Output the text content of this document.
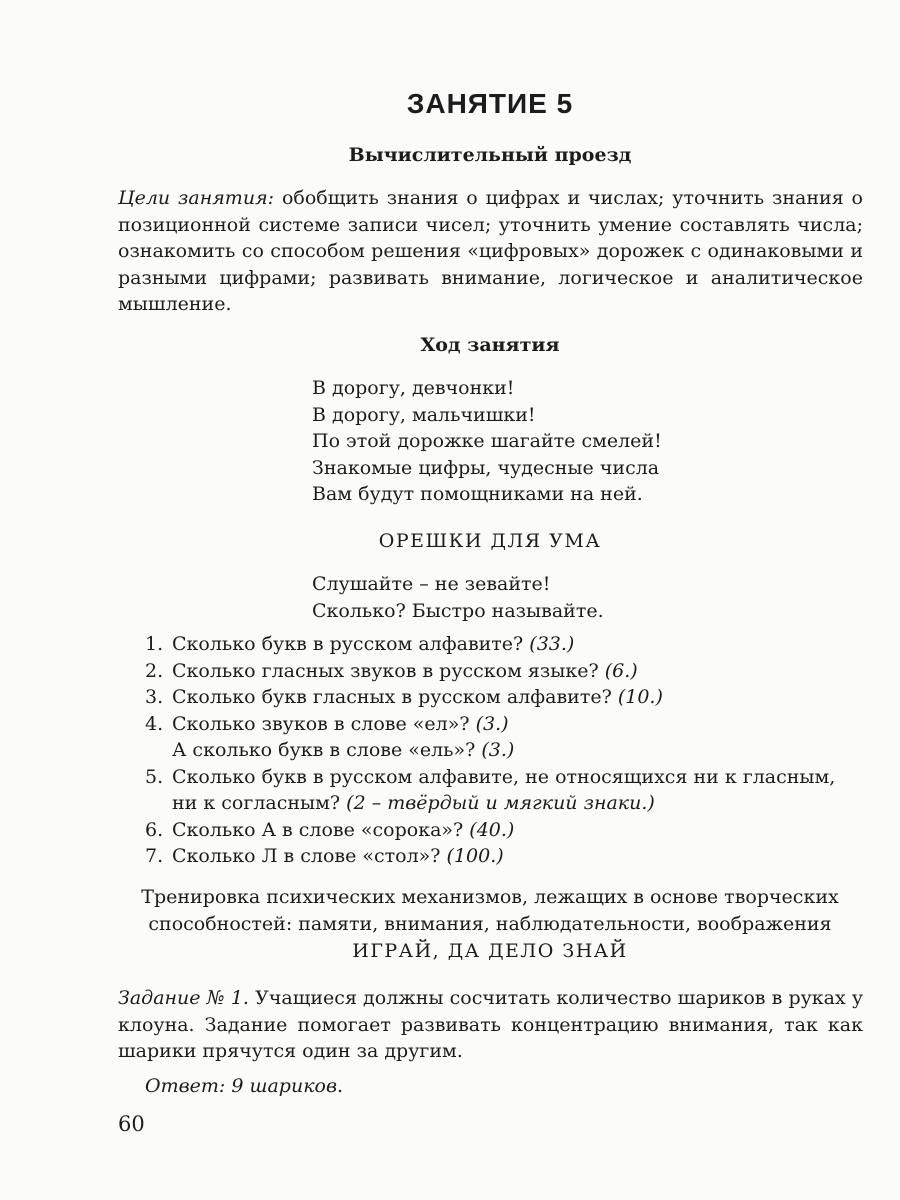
ЗАНЯТИЕ 5
Вычислительный проезд
Цели занятия: обобщить знания о цифрах и числах; уточнить знания о позиционной системе записи чисел; уточнить умение составлять числа; ознакомить со способом решения «цифровых» дорожек с одинаковыми и разными цифрами; развивать внимание, логическое и аналитическое мышление.
Ход занятия
В дорогу, девчонки!
В дорогу, мальчишки!
По этой дорожке шагайте смелей!
Знакомые цифры, чудесные числа
Вам будут помощниками на ней.
ОРЕШКИ ДЛЯ УМА
Слушайте – не зевайте!
Сколько? Быстро называйте.
1. Сколько букв в русском алфавите? (33.)
2. Сколько гласных звуков в русском языке? (6.)
3. Сколько букв гласных в русском алфавите? (10.)
4. Сколько звуков в слове «ел»? (3.)
А сколько букв в слове «ель»? (3.)
5. Сколько букв в русском алфавите, не относящихся ни к гласным,
ни к согласным? (2 – твёрдый и мягкий знаки.)
6. Сколько А в слове «сорока»? (40.)
7. Сколько Л в слове «стол»? (100.)
Тренировка психических механизмов, лежащих в основе творческих
способностей: памяти, внимания, наблюдательности, воображения
ИГРАЙ, ДА ДЕЛО ЗНАЙ
Задание № 1. Учащиеся должны сосчитать количество шариков в руках у клоуна. Задание помогает развивать концентрацию внимания, так как шарики прячутся один за другим.
Ответ: 9 шариков.
60
